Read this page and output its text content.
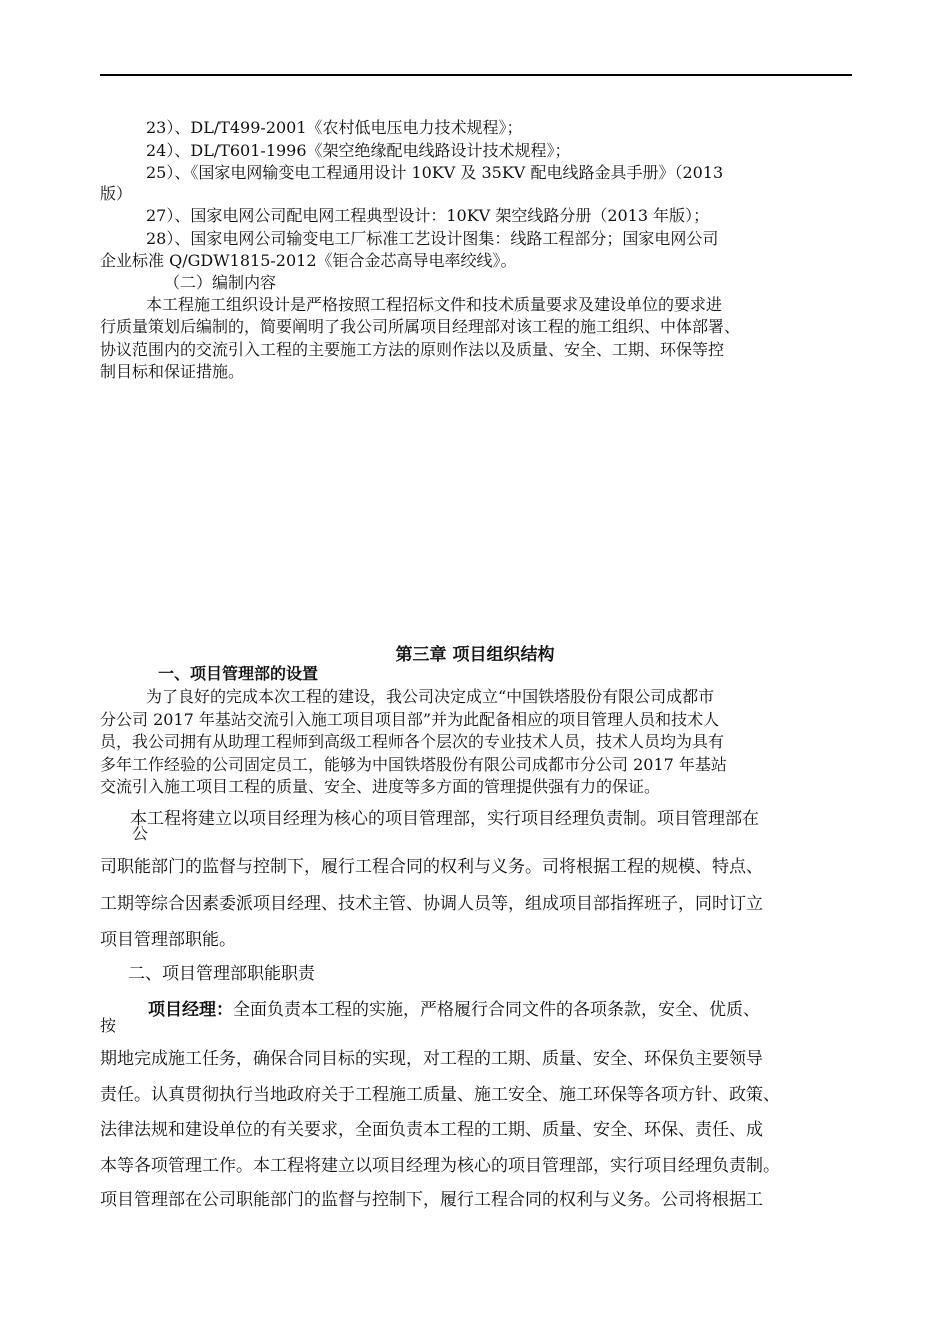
23）、DL/T499-2001《农村低电压电力技术规程》；
24）、DL/T601-1996《架空绝缘配电线路设计技术规程》；
25）、《国家电网输变电工程通用设计 10KV 及 35KV 配电线路金具手册》（2013
版）
27）、国家电网公司配电网工程典型设计：10KV 架空线路分册（2013 年版）；
28）、国家电网公司输变电工厂标准工艺设计图集：线路工程部分；国家电网公司
企业标准 Q/GDW1815-2012《钜合金芯高导电率绞线》。
（二）编制内容
本工程施工组织设计是严格按照工程招标文件和技术质量要求及建设单位的要求进
行质量策划后编制的，简要阐明了我公司所属项目经理部对该工程的施工组织、中体部署、
协议范围内的交流引入工程的主要施工方法的原则作法以及质量、安全、工期、环保等控
制目标和保证措施。
第三章 项目组织结构
一、项目管理部的设置
为了良好的完成本次工程的建设，我公司决定成立“中国铁塔股份有限公司成都市
分公司 2017 年基站交流引入施工项目项目部”并为此配备相应的项目管理人员和技术人
员，我公司拥有从助理工程师到高级工程师各个层次的专业技术人员，技术人员均为具有
多年工作经验的公司固定员工，能够为中国铁塔股份有限公司成都市分公司 2017 年基站
交流引入施工项目工程的质量、安全、进度等多方面的管理提供强有力的保证。
本工程将建立以项目经理为核心的项目管理部，实行项目经理负责制。项目管理部在
公
司职能部门的监督与控制下，履行工程合同的权利与义务。司将根据工程的规模、特点、
工期等综合因素委派项目经理、技术主管、协调人员等，组成项目部指挥班子，同时订立
项目管理部职能。
二、项目管理部职能职责
项目经理：全面负责本工程的实施，严格履行合同文件的各项条款，安全、优质、
按
期地完成施工任务，确保合同目标的实现，对工程的工期、质量、安全、环保负主要领导
责任。认真贯彻执行当地政府关于工程施工质量、施工安全、施工环保等各项方针、政策、
法律法规和建设单位的有关要求，全面负责本工程的工期、质量、安全、环保、责任、成
本等各项管理工作。本工程将建立以项目经理为核心的项目管理部，实行项目经理负责制。
项目管理部在公司职能部门的监督与控制下，履行工程合同的权利与义务。公司将根据工
